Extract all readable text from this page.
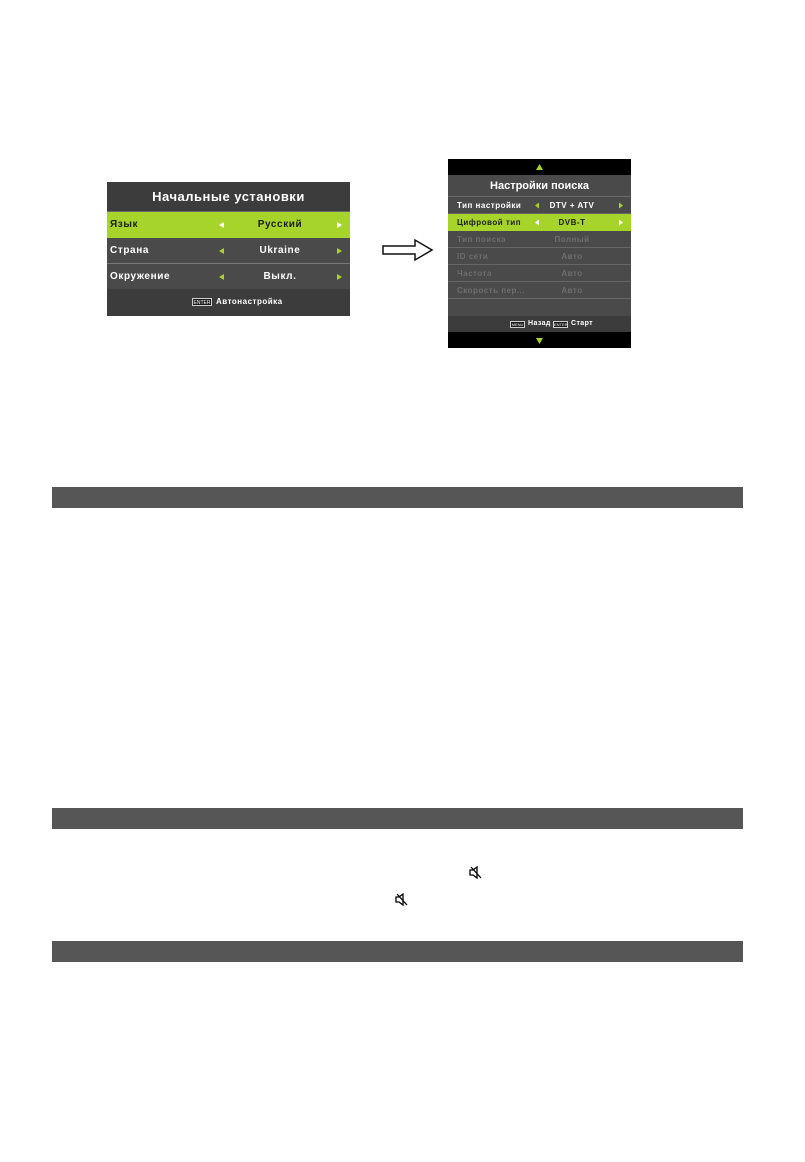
Начальные установки
Язык	Русский
Страна	Ukraine
Окружение	Выкл.
ENTER Автонастройка
Настройки поиска
Тип настройки	DTV + ATV
Цифровой тип	DVB-T
Тип поиска	Полный
ID сети	Авто
Частота	Авто
Скорость пер...	Авто
MENU Назад ENTER Старт
